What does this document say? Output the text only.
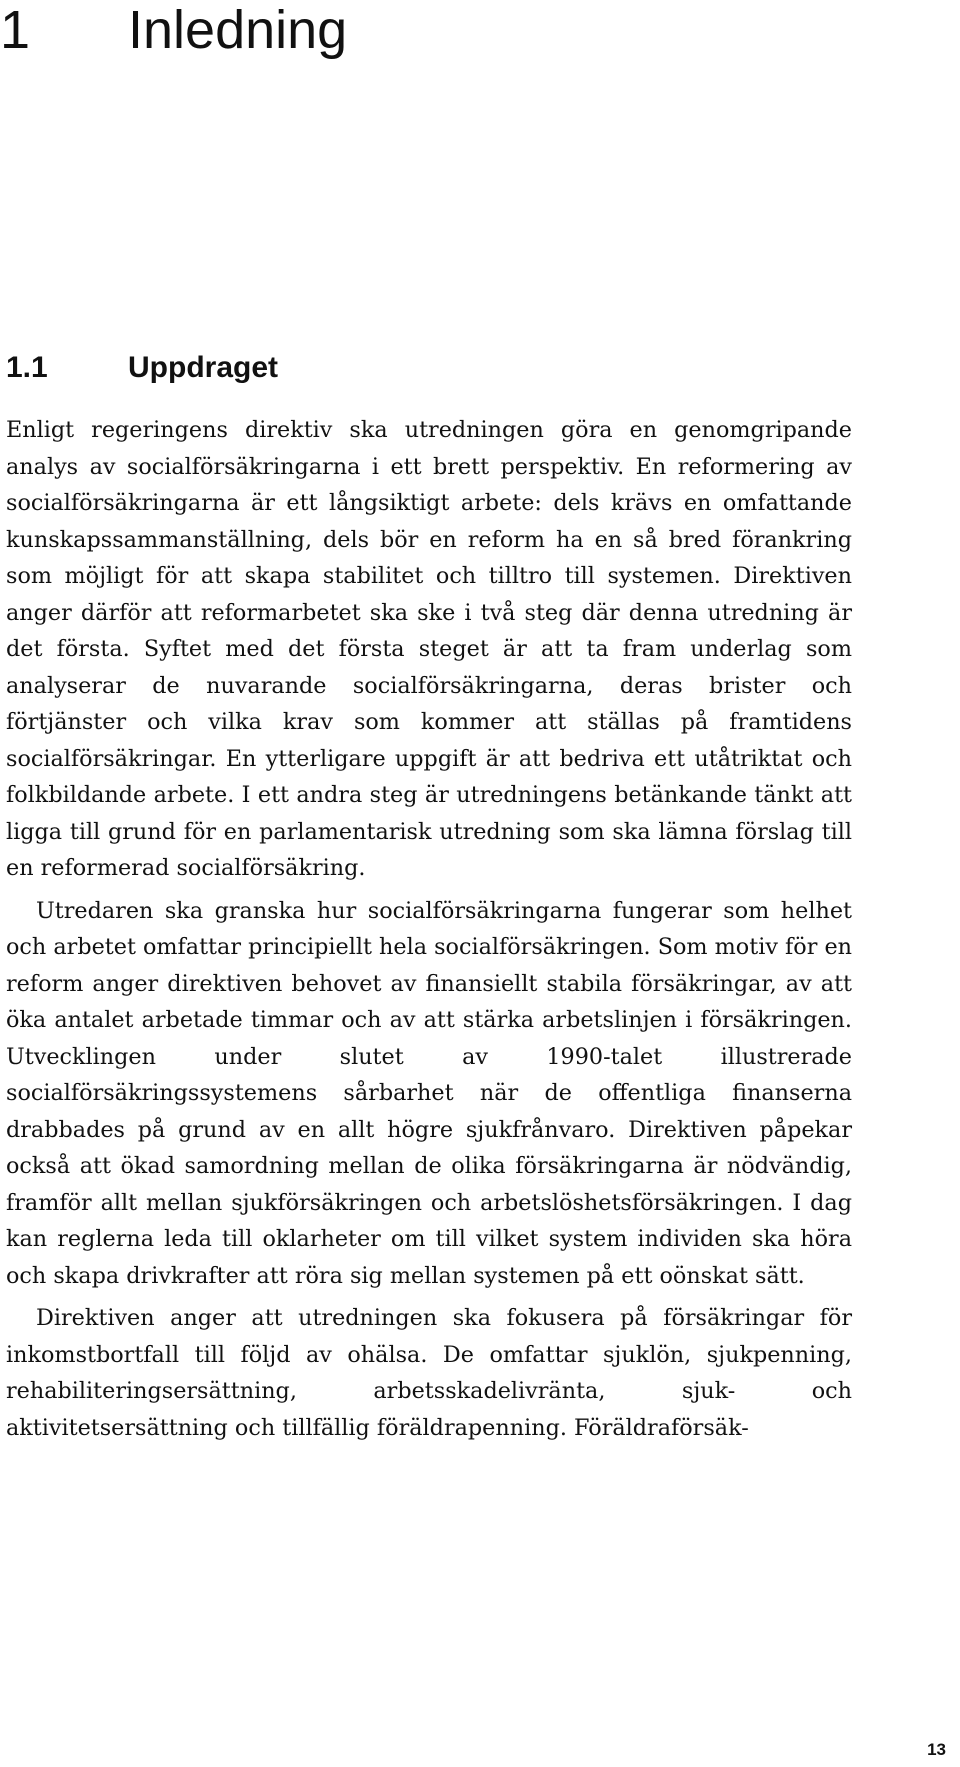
1 Inledning
1.1	Uppdraget

Enligt regeringens direktiv ska utredningen göra en genomgripande analys av socialförsäkringarna i ett brett perspektiv. En reformering av socialförsäkringarna är ett långsiktigt arbete: dels krävs en omfattande kunskapssammanställning, dels bör en reform ha en så bred förankring som möjligt för att skapa stabilitet och tilltro till systemen. Direktiven anger därför att reformarbetet ska ske i två steg där denna utredning är det första. Syftet med det första steget är att ta fram underlag som analyserar de nuvarande socialförsäkringarna, deras brister och förtjänster och vilka krav som kommer att ställas på framtidens socialförsäkringar. En ytterligare uppgift är att bedriva ett utåtriktat och folkbildande arbete. I ett andra steg är utredningens betänkande tänkt att ligga till grund för en parlamentarisk utredning som ska lämna förslag till en reformerad socialförsäkring.

Utredaren ska granska hur socialförsäkringarna fungerar som helhet och arbetet omfattar principiellt hela socialförsäkringen. Som motiv för en reform anger direktiven behovet av finansiellt stabila försäkringar, av att öka antalet arbetade timmar och av att stärka arbetslinjen i försäkringen. Utvecklingen under slutet av 1990-talet illustrerade socialförsäkringssystemens sårbarhet när de offentliga finanserna drabbades på grund av en allt högre sjukfrånvaro. Direktiven påpekar också att ökad samordning mellan de olika försäkringarna är nödvändig, framför allt mellan sjukförsäkringen och arbetslöshetsförsäkringen. I dag kan reglerna leda till oklarheter om till vilket system individen ska höra och skapa drivkrafter att röra sig mellan systemen på ett oönskat sätt.

Direktiven anger att utredningen ska fokusera på försäkringar för inkomstbortfall till följd av ohälsa. De omfattar sjuklön, sjukpenning, rehabiliteringsersättning, arbetsskadelivränta, sjuk- och aktivitetsersättning och tillfällig föräldrapenning. Föräldraförsäk-

13
